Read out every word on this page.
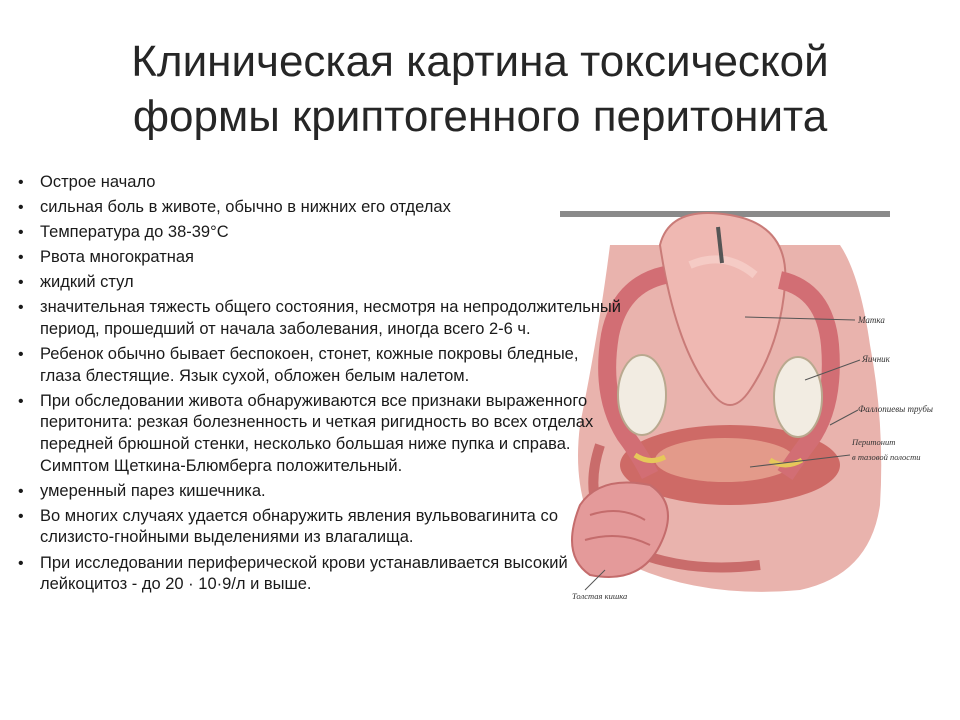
Клиническая картина токсической
формы криптогенного перитонита
Матка
Яичник
Фаллопиевы трубы
Перитонит
в тазовой полости
Толстая кишка
• Острое начало
• сильная боль в животе, обычно в нижних его отделах
• Температура до 38-39°С
• Рвота многократная
• жидкий стул
• значительная тяжесть общего состояния, несмотря на непродолжительный период, прошедший от начала заболевания, иногда всего 2-6 ч.
• Ребенок обычно бывает беспокоен, стонет, кожные покровы бледные, глаза блестящие. Язык сухой, обложен белым налетом.
• При обследовании живота обнаруживаются все признаки выраженного перитонита: резкая болезненность и четкая ригидность во всех отделах передней брюшной стенки, несколько большая ниже пупка и справа. Симптом Щеткина-Блюмберга положительный.
• умеренный парез кишечника.
• Во многих случаях удается обнаружить явления вульвовагинита со слизисто-гнойными выделениями из влагалища.
• При исследовании периферической крови устанавливается высокий лейкоцитоз - до 20 · 10·9/л и выше.
